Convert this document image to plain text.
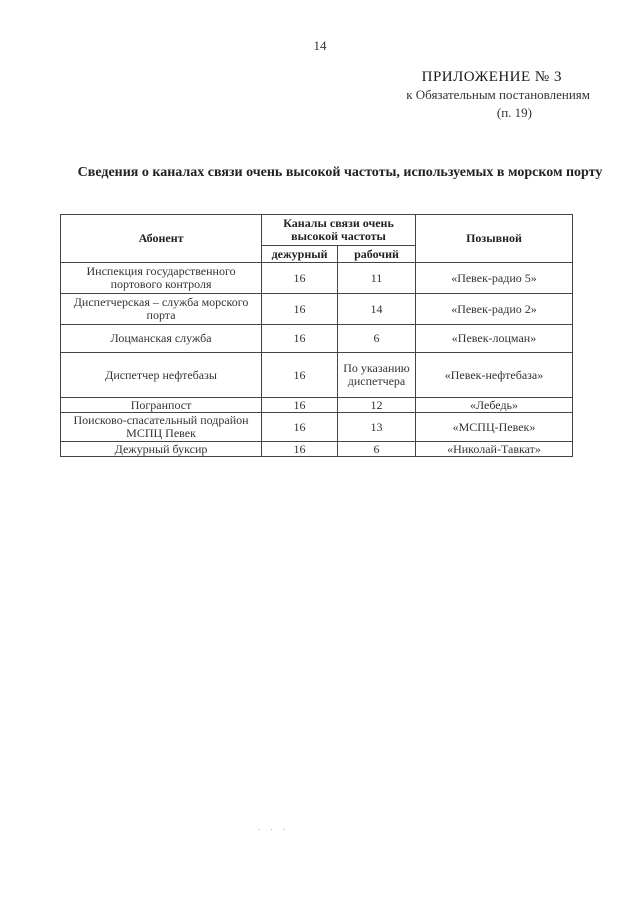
14
ПРИЛОЖЕНИЕ № 3
к Обязательным постановлениям
(п. 19)
Сведения о каналах связи очень высокой частоты, используемых в морском порту
Абонент	Каналы связи очень высокой частоты		Позывной
	дежурный	рабочий	
Инспекция государственного портового контроля	16	11	«Певек-радио 5»
Диспетчерская – служба морского порта	16	14	«Певек-радио 2»
Лоцманская служба	16	6	«Певек-лоцман»
Диспетчер нефтебазы	16	По указанию диспетчера	«Певек-нефтебаза»
Погранпост	16	12	«Лебедь»
Поисково-спасательный подрайон МСПЦ Певек	16	13	«МСПЦ-Певек»
Дежурный буксир	16	6	«Николай-Тавкат»
. . .
